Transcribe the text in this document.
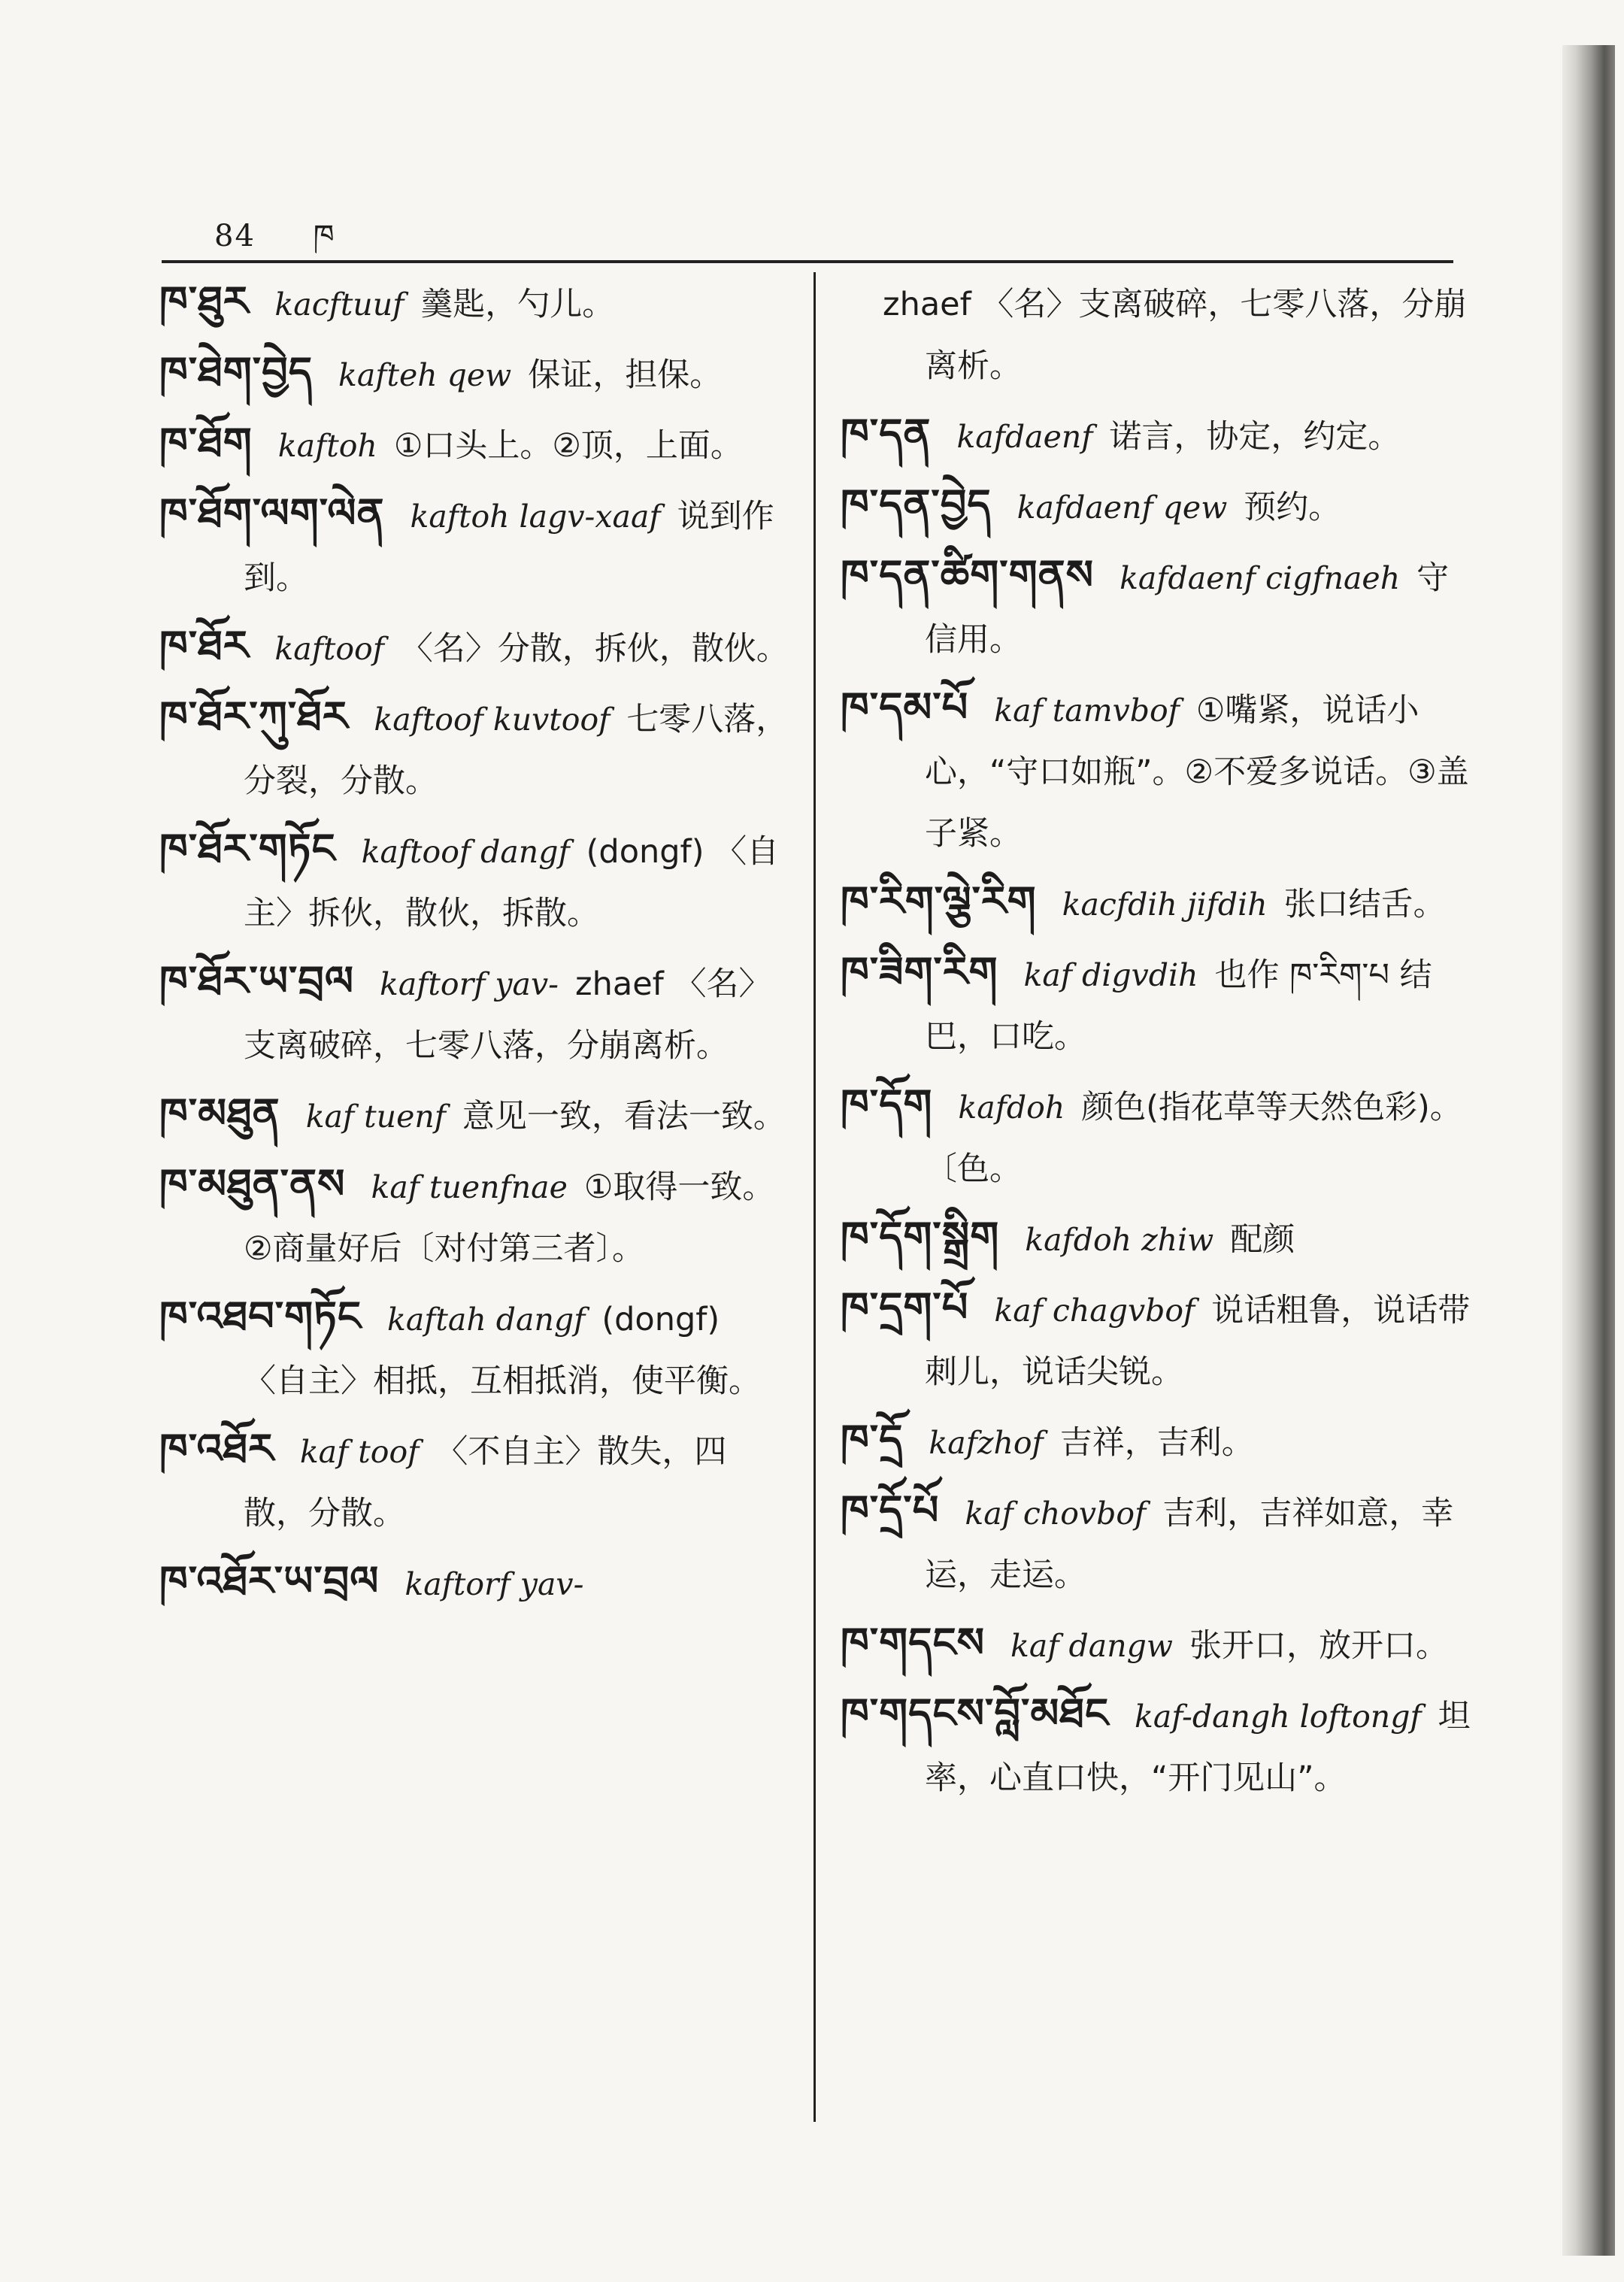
84 ཁ
ཁ་ཐུར kacftuuf 羹匙，勺儿。
ཁ་ཐེག་བྱེད kafteh qew 保证，担保。
ཁ་ཐོག kaftoh ①口头上。②顶，上面。
ཁ་ཐོག་ལག་ལེན kaftoh lagv-xaaf 说到作到。
ཁ་ཐོར kaftoof 〈名〉分散，拆伙，散伙。
ཁ་ཐོར་ཀུ་ཐོར kaftoof kuvtoof 七零八落，分裂，分散。
ཁ་ཐོར་གཏོང kaftoof dangf (dongf) 〈自主〉拆伙，散伙，拆散。
ཁ་ཐོར་ཡ་བྲལ kaftorf yav- zhaef 〈名〉支离破碎，七零八落，分崩离析。
ཁ་མཐུན kaf tuenf 意见一致，看法一致。
ཁ་མཐུན་ནས kaf tuenfnae ①取得一致。②商量好后〔对付第三者〕。
ཁ་འཐབ་གཏོང kaftah dangf (dongf) 〈自主〉相抵，互相抵消，使平衡。
ཁ་འཐོར kaf toof 〈不自主〉散失，四散，分散。
ཁ་འཐོར་ཡ་བྲལ kaftorf yav-
zhaef 〈名〉支离破碎，七零八落，分崩离析。
ཁ་དན kafdaenf 诺言，协定，约定。
ཁ་དན་བྱེད kafdaenf qew 预约。
ཁ་དན་ཚིག་གནས kafdaenf cigfnaeh 守信用。
ཁ་དམ་པོ kaf tamvbof ①嘴紧，说话小心，“守口如瓶”。②不爱多说话。③盖子紧。
ཁ་རིག་ལྕེ་རིག kacfdih jifdih 张口结舌。
ཁ་ཟིག་རིག kaf digvdih 也作 ཁ་རིག་པ 结巴，口吃。
ཁ་དོག kafdoh 颜色(指花草等天然色彩)。〔色。
ཁ་དོག་སྒྲིག kafdoh zhiw 配颜
ཁ་དྲག་པོ kaf chagvbof 说话粗鲁，说话带刺儿，说话尖锐。
ཁ་དྲོ kafzhof 吉祥，吉利。
ཁ་དྲོ་པོ kaf chovbof 吉利，吉祥如意，幸运，走运。
ཁ་གདངས kaf dangw 张开口，放开口。
ཁ་གདངས་བློ་མཐོང kaf-dangh loftongf 坦率，心直口快，“开门见山”。
